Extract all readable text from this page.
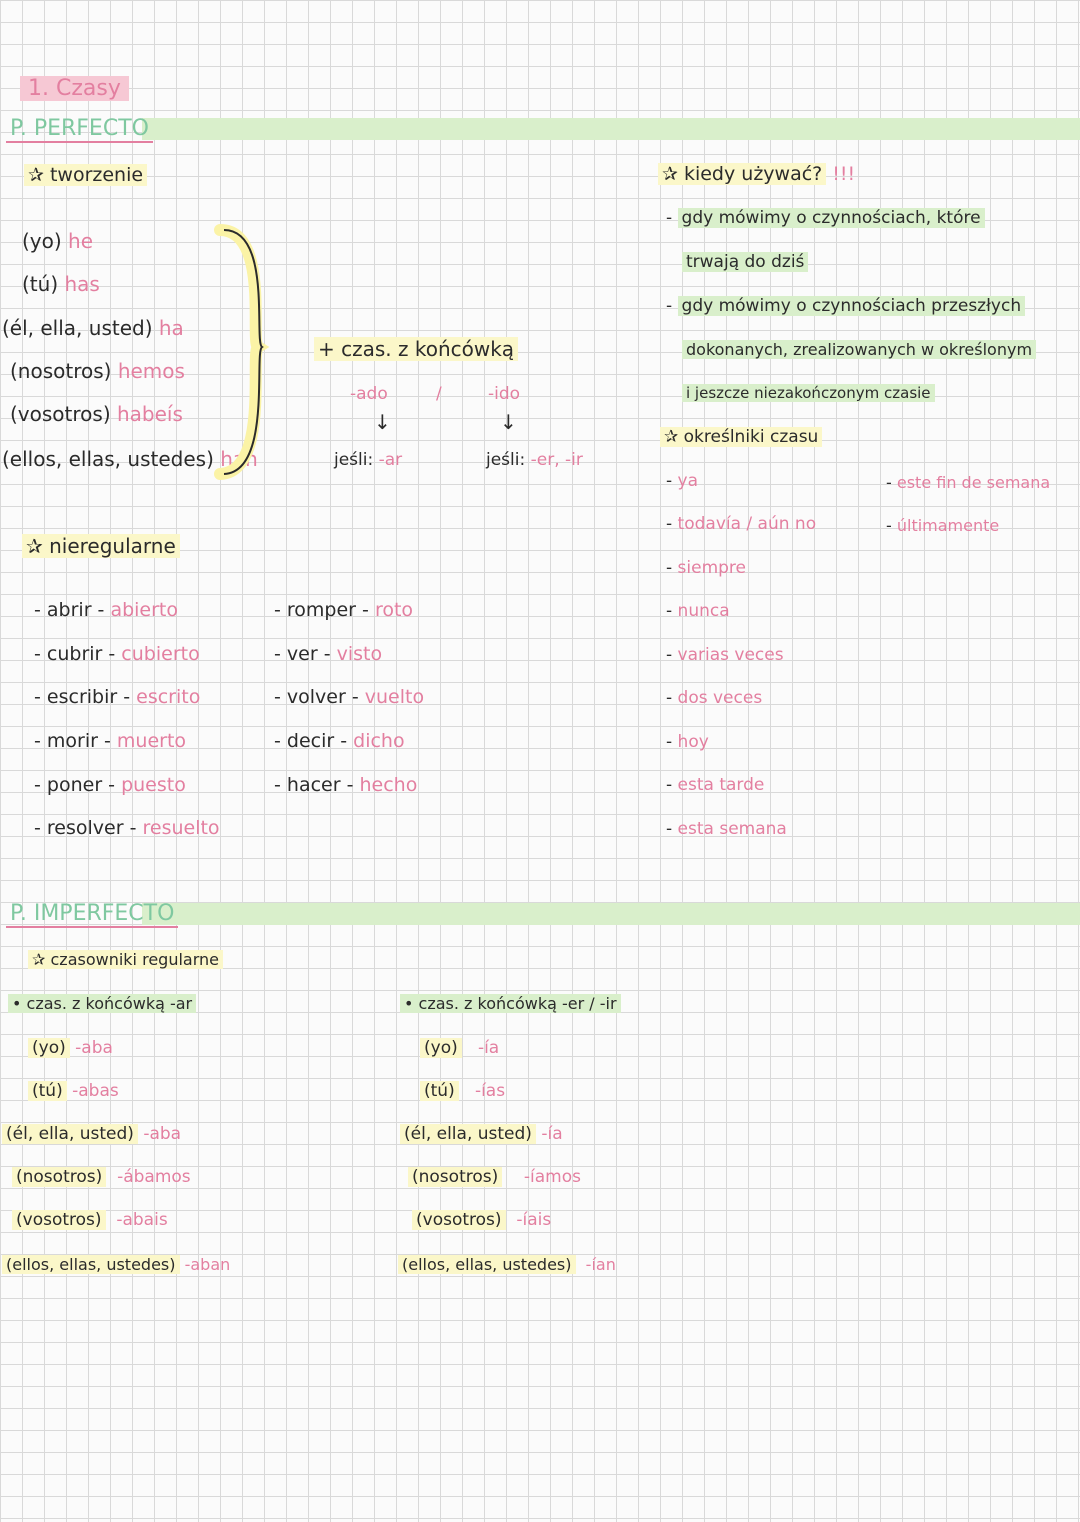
1. Czasy
P. PERFECTO
✰ tworzenie
(yo) he
(tú) has
(él, ella, usted) ha
(nosotros) hemos
(vosotros) habeís
(ellos, ellas, ustedes) han
+ czas. z końcówką
-ado	/	-ido
↓	↓
jeśli: -ar	jeśli: -er, -ir
✰ nieregularne
- abrir - abierto
- cubrir - cubierto
- escribir - escrito
- morir - muerto
- poner - puesto
- resolver - resuelto
- romper - roto
- ver - visto
- volver - vuelto
- decir - dicho
- hacer - hecho
✰ kiedy używać? !!!
- gdy mówimy o czynnościach, które
trwają do dziś
- gdy mówimy o czynnościach przeszłych
dokonanych, zrealizowanych w określonym
i jeszcze niezakończonym czasie
✰ określniki czasu
- ya
- todavía / aún no
- siempre
- nunca
- varias veces
- dos veces
- hoy
- esta tarde
- esta semana
- este fin de semana
- últimamente
P. IMPERFECTO
✰ czasowniki regularne
• czas. z końcówką -ar	• czas. z końcówką -er / -ir
(yo) -aba
(tú) -abas
(él, ella, usted) -aba
(nosotros) -ábamos
(vosotros) -abais
(ellos, ellas, ustedes) -aban
(yo) -ía
(tú) -ías
(él, ella, usted) -ía
(nosotros) -íamos
(vosotros) -íais
(ellos, ellas, ustedes) -ían
